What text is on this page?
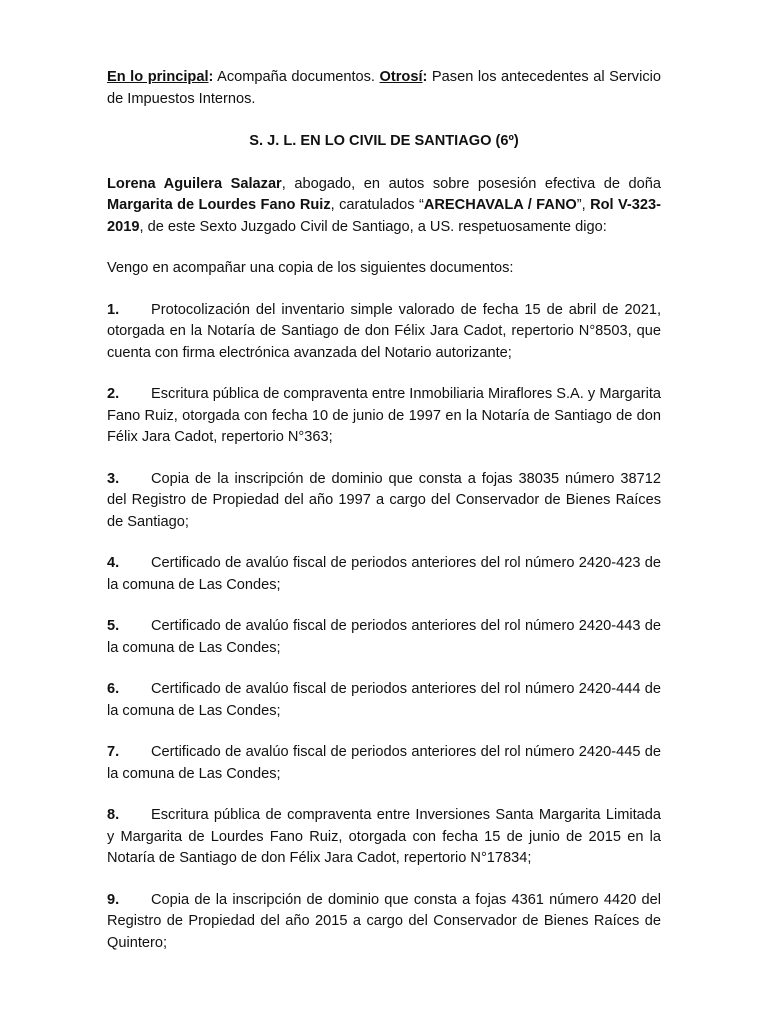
En lo principal: Acompaña documentos. Otrosí: Pasen los antecedentes al Servicio de Impuestos Internos.

S. J. L. EN LO CIVIL DE SANTIAGO (6º)

Lorena Aguilera Salazar, abogado, en autos sobre posesión efectiva de doña Margarita de Lourdes Fano Ruiz, caratulados “ARECHAVALA / FANO”, Rol V-323-2019, de este Sexto Juzgado Civil de Santiago, a US. respetuosamente digo:

Vengo en acompañar una copia de los siguientes documentos:

1. Protocolización del inventario simple valorado de fecha 15 de abril de 2021, otorgada en la Notaría de Santiago de don Félix Jara Cadot, repertorio N°8503, que cuenta con firma electrónica avanzada del Notario autorizante;

2. Escritura pública de compraventa entre Inmobiliaria Miraflores S.A. y Margarita Fano Ruiz, otorgada con fecha 10 de junio de 1997 en la Notaría de Santiago de don Félix Jara Cadot, repertorio N°363;

3. Copia de la inscripción de dominio que consta a fojas 38035 número 38712 del Registro de Propiedad del año 1997 a cargo del Conservador de Bienes Raíces de Santiago;

4. Certificado de avalúo fiscal de periodos anteriores del rol número 2420-423 de la comuna de Las Condes;

5. Certificado de avalúo fiscal de periodos anteriores del rol número 2420-443 de la comuna de Las Condes;

6. Certificado de avalúo fiscal de periodos anteriores del rol número 2420-444 de la comuna de Las Condes;

7. Certificado de avalúo fiscal de periodos anteriores del rol número 2420-445 de la comuna de Las Condes;

8. Escritura pública de compraventa entre Inversiones Santa Margarita Limitada y Margarita de Lourdes Fano Ruiz, otorgada con fecha 15 de junio de 2015 en la Notaría de Santiago de don Félix Jara Cadot, repertorio N°17834;

9. Copia de la inscripción de dominio que consta a fojas 4361 número 4420 del Registro de Propiedad del año 2015 a cargo del Conservador de Bienes Raíces de Quintero;
